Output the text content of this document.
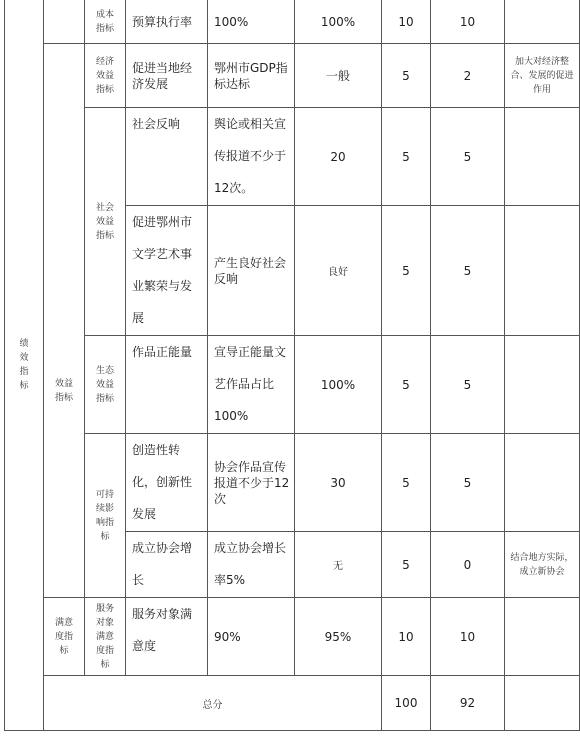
绩效指标		成本指标	预算执行率	100%	100%	10	10	

	效益指标	经济效益指标	促进当地经济发展	鄂州市GDP指标达标	一般	5	2	加大对经济整合、发展的促进作用

		社会效益指标	社会反响	舆论或相关宣传报道不少于12次。	20	5	5	
			促进鄂州市文学艺术事业繁荣与发展	产生良好社会反响	良好	5	5	

		生态效益指标	作品正能量	宣导正能量文艺作品占比100%	100%	5	5	

		可持续影响指标	创造性转化，创新性发展	协会作品宣传报道不少于12次	30	5	5	
			成立协会增长	成立协会增长率5%	无	5	0	结合地方实际，成立新协会

	满意度指标	服务对象满意度指标	服务对象满意度	90%	95%	10	10	
	总分					100	92	
